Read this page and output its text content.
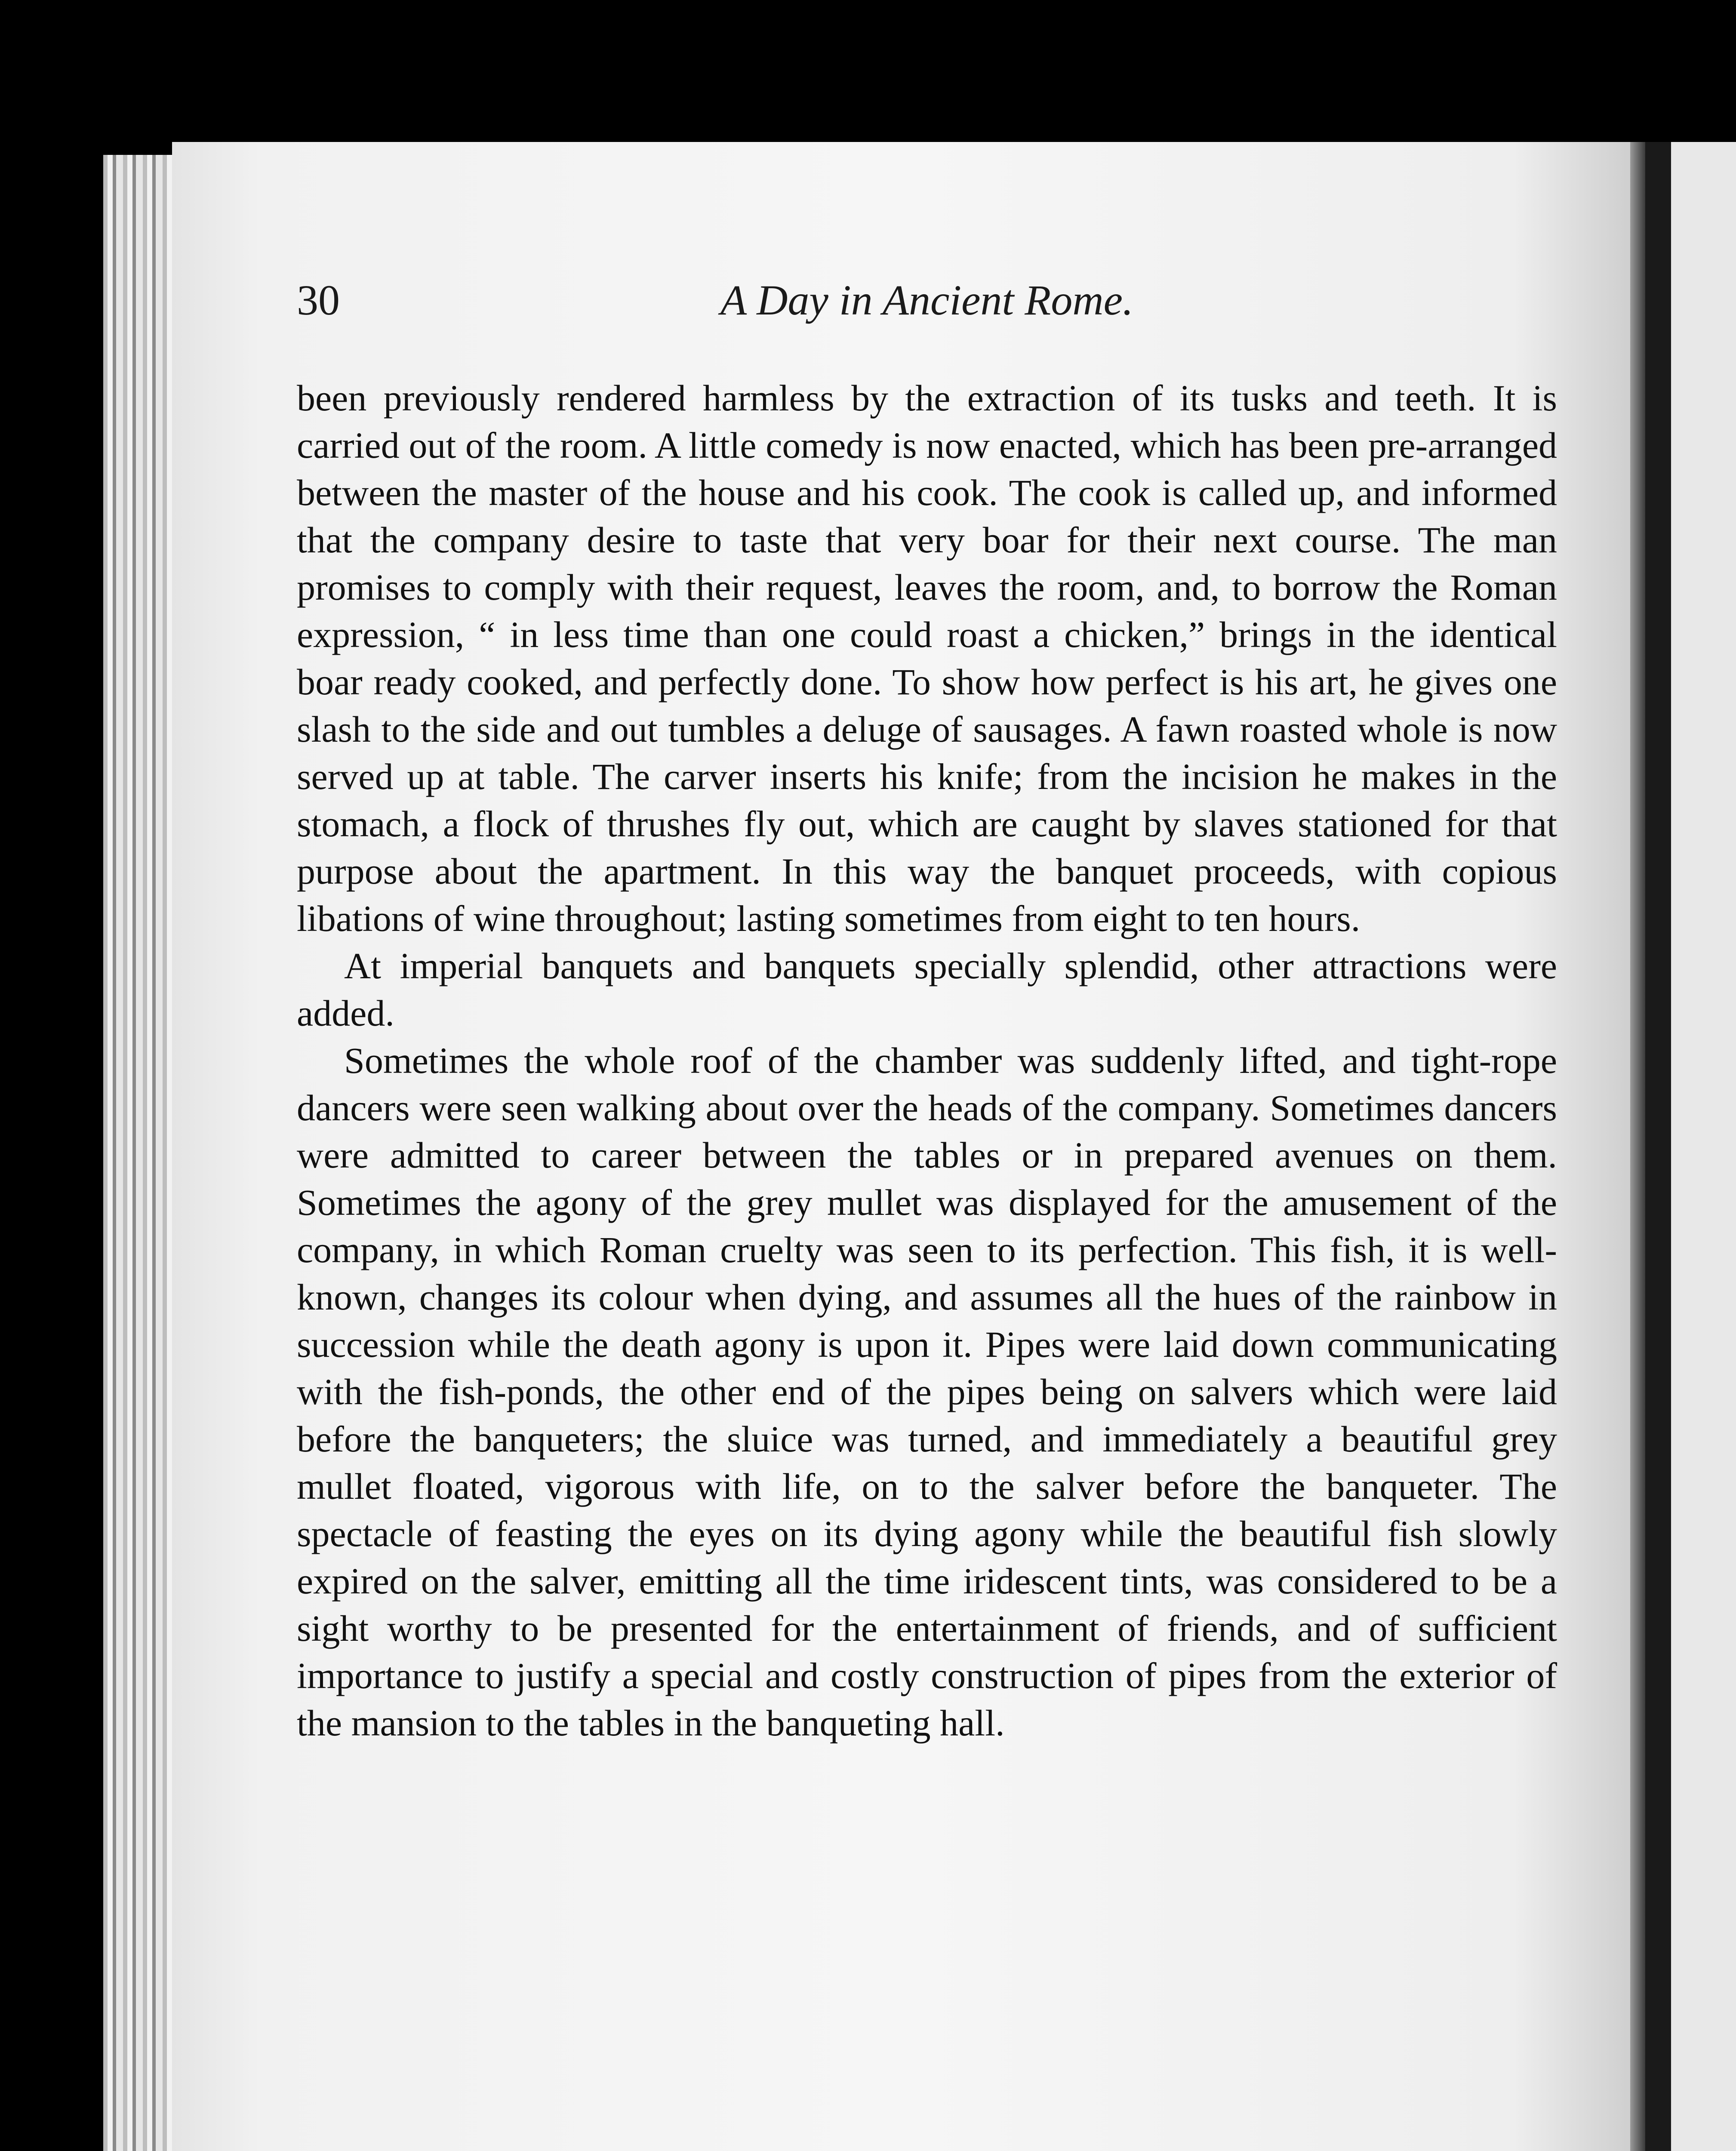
30	A Day in Ancient Rome.

been previously rendered harmless by the extraction of its tusks and teeth. It is carried out of the room. A little comedy is now enacted, which has been pre-arranged between the master of the house and his cook. The cook is called up, and informed that the company desire to taste that very boar for their next course. The man promises to comply with their request, leaves the room, and, to borrow the Roman expression, “ in less time than one could roast a chicken,” brings in the identical boar ready cooked, and perfectly done. To show how perfect is his art, he gives one slash to the side and out tumbles a deluge of sausages. A fawn roasted whole is now served up at table. The carver inserts his knife; from the incision he makes in the stomach, a flock of thrushes fly out, which are caught by slaves stationed for that purpose about the apartment. In this way the banquet proceeds, with copious libations of wine throughout; lasting sometimes from eight to ten hours.

At imperial banquets and banquets specially splendid, other attractions were added.

Sometimes the whole roof of the chamber was suddenly lifted, and tight-rope dancers were seen walking about over the heads of the company. Sometimes dancers were admitted to career between the tables or in prepared avenues on them. Sometimes the agony of the grey mullet was displayed for the amusement of the company, in which Roman cruelty was seen to its perfection. This fish, it is well-known, changes its colour when dying, and assumes all the hues of the rainbow in succession while the death agony is upon it. Pipes were laid down communicating with the fish-ponds, the other end of the pipes being on salvers which were laid before the banqueters; the sluice was turned, and immediately a beautiful grey mullet floated, vigorous with life, on to the salver before the banqueter. The spectacle of feasting the eyes on its dying agony while the beautiful fish slowly expired on the salver, emitting all the time iridescent tints, was considered to be a sight worthy to be presented for the entertainment of friends, and of sufficient importance to justify a special and costly construction of pipes from the exterior of the mansion to the tables in the banqueting hall.
